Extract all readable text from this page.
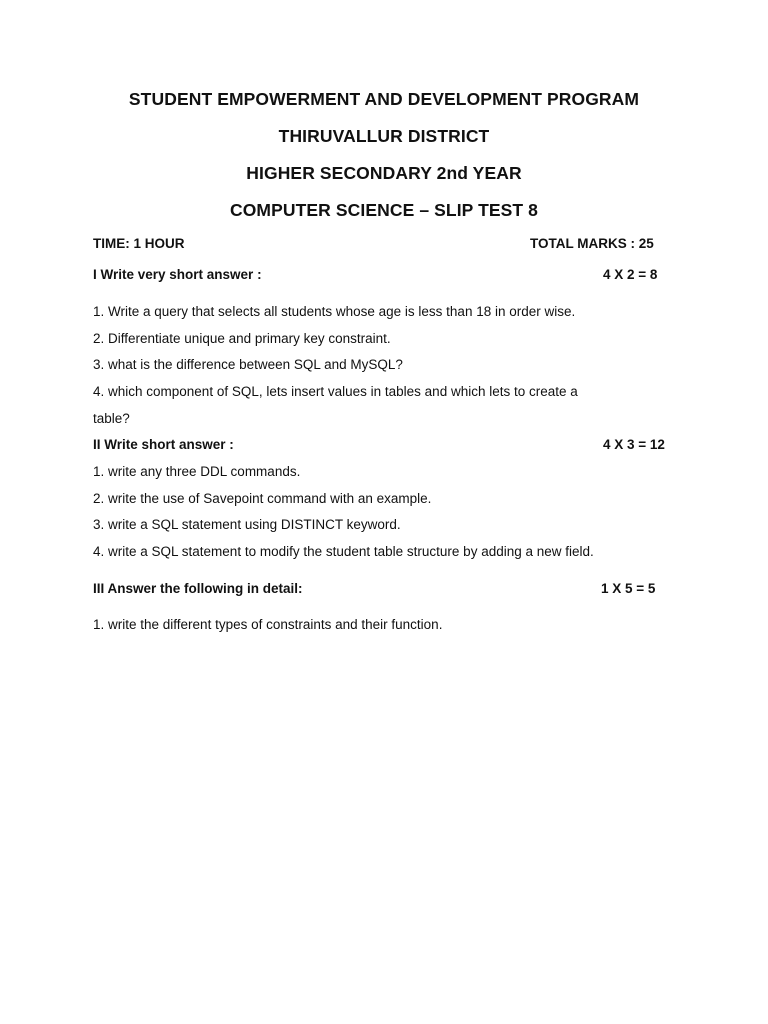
STUDENT EMPOWERMENT AND DEVELOPMENT PROGRAM
THIRUVALLUR DISTRICT
HIGHER SECONDARY 2nd YEAR
COMPUTER SCIENCE – SLIP TEST 8
TIME: 1 HOUR	TOTAL MARKS : 25
I Write very short answer :	4 X 2 = 8
1. Write a query that selects all students whose age is less than 18 in order wise.
2. Differentiate unique and primary key constraint.
3. what is the difference between SQL and MySQL?
4. which component of SQL, lets insert values in tables and which lets to create a
table?
II Write short answer :	4 X 3 = 12
1. write any three DDL commands.
2. write the use of Savepoint command with an example.
3. write a SQL statement using DISTINCT keyword.
4. write a SQL statement to modify the student table structure by adding a new field.
III Answer the following in detail:	1 X 5 = 5
1. write the different types of constraints and their function.
